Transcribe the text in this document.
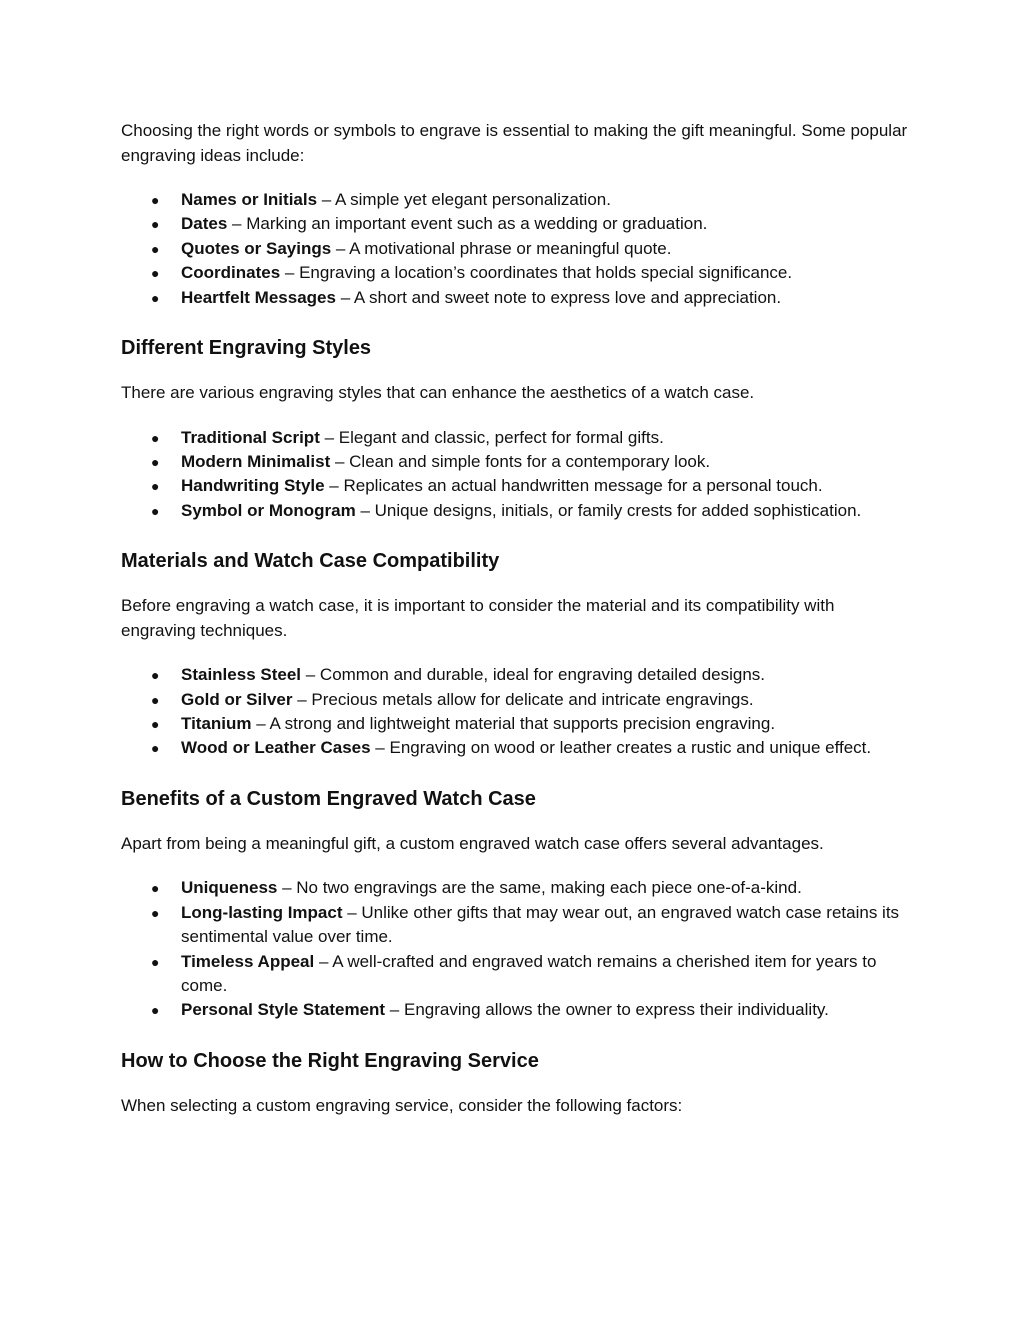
Choosing the right words or symbols to engrave is essential to making the gift meaningful. Some popular engraving ideas include:

● Names or Initials – A simple yet elegant personalization.
● Dates – Marking an important event such as a wedding or graduation.
● Quotes or Sayings – A motivational phrase or meaningful quote.
● Coordinates – Engraving a location’s coordinates that holds special significance.
● Heartfelt Messages – A short and sweet note to express love and appreciation.
Different Engraving Styles

There are various engraving styles that can enhance the aesthetics of a watch case.

● Traditional Script – Elegant and classic, perfect for formal gifts.
● Modern Minimalist – Clean and simple fonts for a contemporary look.
● Handwriting Style – Replicates an actual handwritten message for a personal touch.
● Symbol or Monogram – Unique designs, initials, or family crests for added sophistication.
Materials and Watch Case Compatibility

Before engraving a watch case, it is important to consider the material and its compatibility with engraving techniques.

● Stainless Steel – Common and durable, ideal for engraving detailed designs.
● Gold or Silver – Precious metals allow for delicate and intricate engravings.
● Titanium – A strong and lightweight material that supports precision engraving.
● Wood or Leather Cases – Engraving on wood or leather creates a rustic and unique effect.
Benefits of a Custom Engraved Watch Case

Apart from being a meaningful gift, a custom engraved watch case offers several advantages.

● Uniqueness – No two engravings are the same, making each piece one-of-a-kind.
● Long-lasting Impact – Unlike other gifts that may wear out, an engraved watch case retains its sentimental value over time.
● Timeless Appeal – A well-crafted and engraved watch remains a cherished item for years to come.
● Personal Style Statement – Engraving allows the owner to express their individuality.
How to Choose the Right Engraving Service

When selecting a custom engraving service, consider the following factors:
